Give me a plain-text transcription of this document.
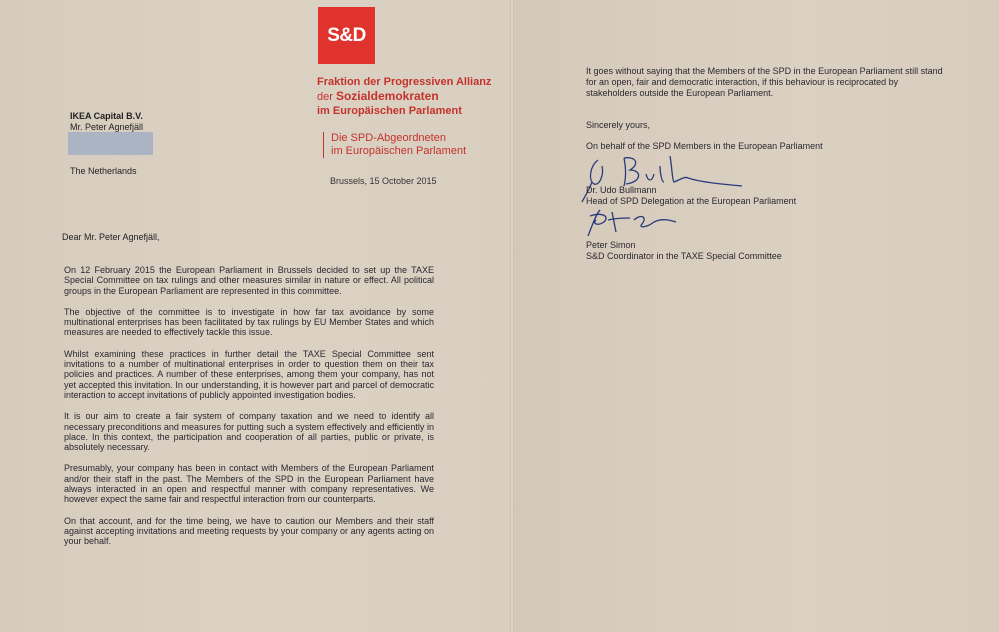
S&D
Fraktion der Progressiven Allianz
der Sozialdemokraten
im Europäischen Parlament
Die SPD-Abgeordneten
im Europäischen Parlament
Brussels, 15 October 2015
IKEA Capital B.V.
Mr. Peter Agnefjäll
The Netherlands
Dear Mr. Peter Agnefjäll,

On 12 February 2015 the European Parliament in Brussels decided to set up the TAXE Special Committee on tax rulings and other measures similar in nature or effect. All political groups in the European Parliament are represented in this committee.

The objective of the committee is to investigate in how far tax avoidance by some multinational enterprises has been facilitated by tax rulings by EU Member States and which measures are needed to effectively tackle this issue.

Whilst examining these practices in further detail the TAXE Special Committee sent invitations to a number of multinational enterprises in order to question them on their tax policies and practices. A number of these enterprises, among them your company, has not yet accepted this invitation. In our understanding, it is however part and parcel of democratic interaction to accept invitations of publicly appointed investigation bodies.

It is our aim to create a fair system of company taxation and we need to identify all necessary preconditions and measures for putting such a system effectively and efficiently in place. In this context, the participation and cooperation of all parties, public or private, is absolutely necessary.

Presumably, your company has been in contact with Members of the European Parliament and/or their staff in the past. The Members of the SPD in the European Parliament have always interacted in an open and respectful manner with company representatives. We however expect the same fair and respectful interaction from our counterparts.

On that account, and for the time being, we have to caution our Members and their staff against accepting invitations and meeting requests by your company or any agents acting on your behalf.

It goes without saying that the Members of the SPD in the European Parliament still stand for an open, fair and democratic interaction, if this behaviour is reciprocated by stakeholders outside the European Parliament.

Sincerely yours,
On behalf of the SPD Members in the European Parliament
Dr. Udo Bullmann
Head of SPD Delegation at the European Parliament
Peter Simon
S&D Coordinator in the TAXE Special Committee
